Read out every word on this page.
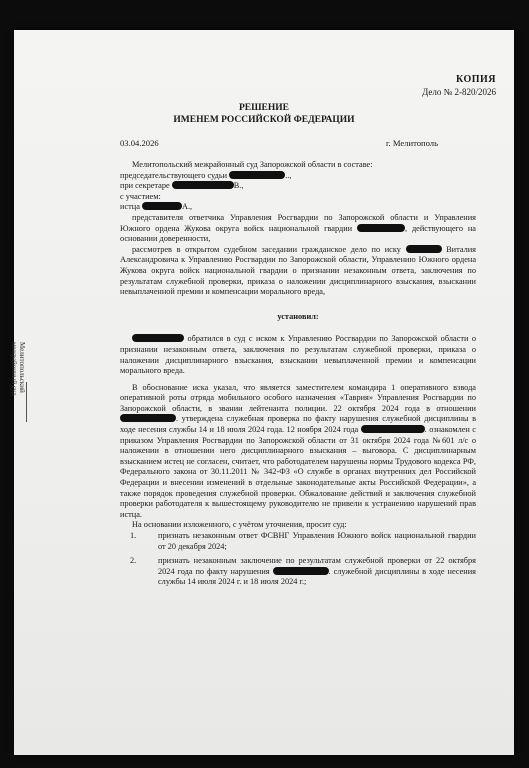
Мелитопольский
межрайонный суд
КОПИЯ
Дело № 2-820/2026
РЕШЕНИЕ
ИМЕНЕМ РОССИЙСКОЙ ФЕДЕРАЦИИ
03.04.2026	г. Мелитополь

Мелитопольский межрайонный суд Запорожской области в составе:

председательствующего судьи	..,

при секретаре	В.,

с участием:

истца	А.,

представителя ответчика Управления Росгвардии по Запорожской области и Управления Южного ордена Жукова округа войск национальной гвардии	, действующего на основании доверенности,

рассмотрев в открытом судебном заседании гражданское дело по иску	Виталия Александровича к Управлению Росгвардии по Запорожской области, Управлению Южного ордена Жукова округа войск национальной гвардии о признании незаконным ответа, заключения по результатам служебной проверки, приказа о наложении дисциплинарного взыскания, взыскании невыплаченной премии и компенсации морального вреда,

установил:

обратился в суд с иском к Управлению Росгвардии по Запорожской области о признании незаконным ответа, заключения по результатам служебной проверки, приказа о наложении дисциплинарного взыскания, взыскании невыплаченной премии и компенсации морального вреда.

В обоснование иска указал, что является заместителем командира 1 оперативного взвода оперативной роты отряда мобильного особого назначения «Таврия» Управления Росгвардии по Запорожской области, в звании лейтенанта полиции. 22 октября 2024 года в отношении . утверждена служебная проверка по факту нарушения служебной дисциплины в ходе несения службы 14 и 18 июля 2024 года. 12 ноября 2024 года	. ознакомлен с приказом Управления Росгвардии по Запорожской области от 31 октября 2024 года №601 л/с о наложении в отношении него дисциплинарного взыскания – выговора. С дисциплинарным взысканием истец не согласен, считает, что работодателем нарушены нормы Трудового кодекса РФ, Федерального закона от 30.11.2011 № 342-ФЗ «О службе в органах внутренних дел Российской Федерации и внесении изменений в отдельные законодательные акты Российской Федерации», а также порядок проведения служебной проверки. Обжалование действий и заключения служебной проверки работодателя к вышестоящему руководителю не привели к устранению нарушений прав истца.

На основании изложенного, с учётом уточнения, просит суд:

1.	признать незаконным ответ ФСВНГ Управления Южного войск национальной гвардии от 20 декабря 2024;

2.	признать незаконным заключение по результатам служебной проверки от 22 октября 2024 года по факту нарушения	. служебной дисциплины в ходе несения службы 14 июля 2024 г. и 18 июля 2024 г.;
